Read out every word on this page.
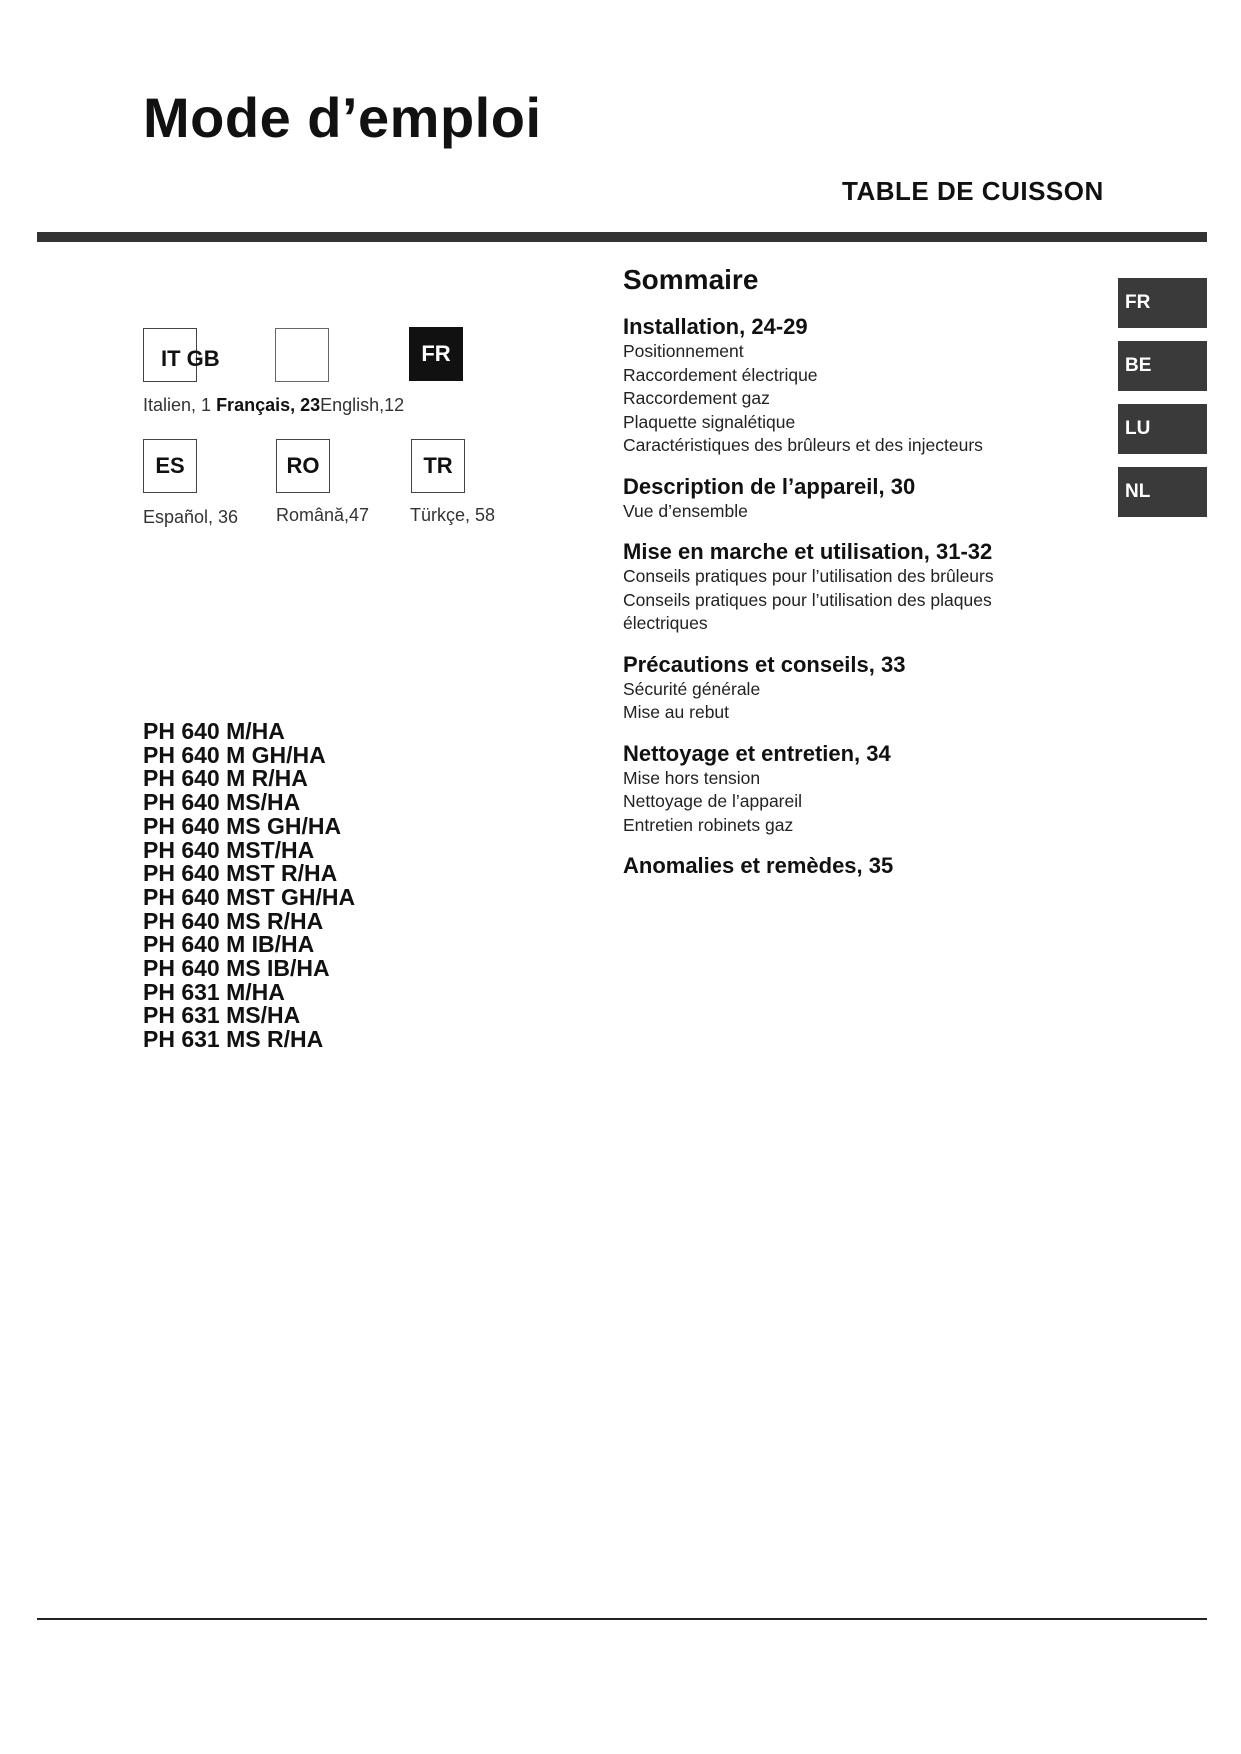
Mode d’emploi
TABLE DE CUISSON
IT GB	FR
Italien, 1 Français, 23English,12
ES	RO	TR
Español, 36 Română,47 Türkçe, 58
PH 640 M/HA
PH 640 M GH/HA
PH 640 M R/HA
PH 640 MS/HA
PH 640 MS GH/HA
PH 640 MST/HA
PH 640 MST R/HA
PH 640 MST GH/HA
PH 640 MS R/HA
PH 640 M IB/HA
PH 640 MS IB/HA
PH 631 M/HA
PH 631 MS/HA
PH 631 MS R/HA
Sommaire
Installation, 24-29
Positionnement
Raccordement électrique
Raccordement gaz
Plaquette signalétique
Caractéristiques des brûleurs et des injecteurs
Description de l’appareil, 30
Vue d’ensemble
Mise en marche et utilisation, 31-32
Conseils pratiques pour l’utilisation des brûleurs
Conseils pratiques pour l’utilisation des plaques
électriques
Précautions et conseils, 33
Sécurité générale
Mise au rebut
Nettoyage et entretien, 34
Mise hors tension
Nettoyage de l’appareil
Entretien robinets gaz
Anomalies et remèdes, 35
FR
BE
LU
NL
